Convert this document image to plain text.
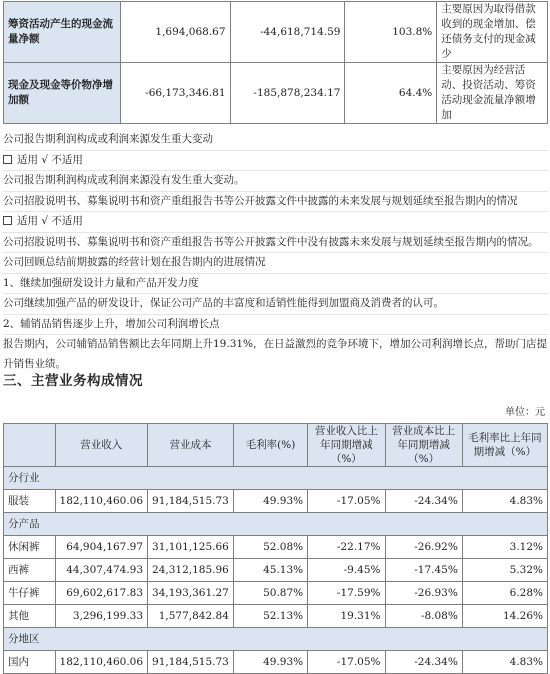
筹资活动产生的现金流量净额	1,694,068.67	-44,618,714.59	103.8%	主要原因为取得借款收到的现金增加、偿还债务支付的现金减少
现金及现金等价物净增加额	-66,173,346.81	-185,878,234.17	64.4%	主要原因为经营活动、投资活动、筹资活动现金流量净额增加
公司报告期利润构成或利润来源发生重大变动
适用 √ 不适用
公司报告期利润构成或利润来源没有发生重大变动。
公司招股说明书、募集说明书和资产重组报告书等公开披露文件中披露的未来发展与规划延续至报告期内的情况
适用 √ 不适用
公司招股说明书、募集说明书和资产重组报告书等公开披露文件中没有披露未来发展与规划延续至报告期内的情况。
公司回顾总结前期披露的经营计划在报告期内的进展情况
1、继续加强研发设计力量和产品开发力度
公司继续加强产品的研发设计，保证公司产品的丰富度和适销性能得到加盟商及消费者的认可。
2、辅销品销售逐步上升，增加公司利润增长点
报告期内，公司辅销品销售额比去年同期上升19.31%，在日益激烈的竞争环境下，增加公司利润增长点，帮助门店提升销售业绩。
三、主营业务构成情况
单位：元
	营业收入	营业成本	毛利率(%)	营业收入比上年同期增减（%）	营业成本比上年同期增减（%）	毛利率比上年同期增减（%）
分行业						
服装	182,110,460.06	91,184,515.73	49.93%	-17.05%	-24.34%	4.83%
分产品						
休闲裤	64,904,167.97	31,101,125.66	52.08%	-22.17%	-26.92%	3.12%
西裤	44,307,474.93	24,312,185.96	45.13%	-9.45%	-17.45%	5.32%
牛仔裤	69,602,617.83	34,193,361.27	50.87%	-17.59%	-26.93%	6.28%
其他	3,296,199.33	1,577,842.84	52.13%	19.31%	-8.08%	14.26%
分地区						
国内	182,110,460.06	91,184,515.73	49.93%	-17.05%	-24.34%	4.83%
